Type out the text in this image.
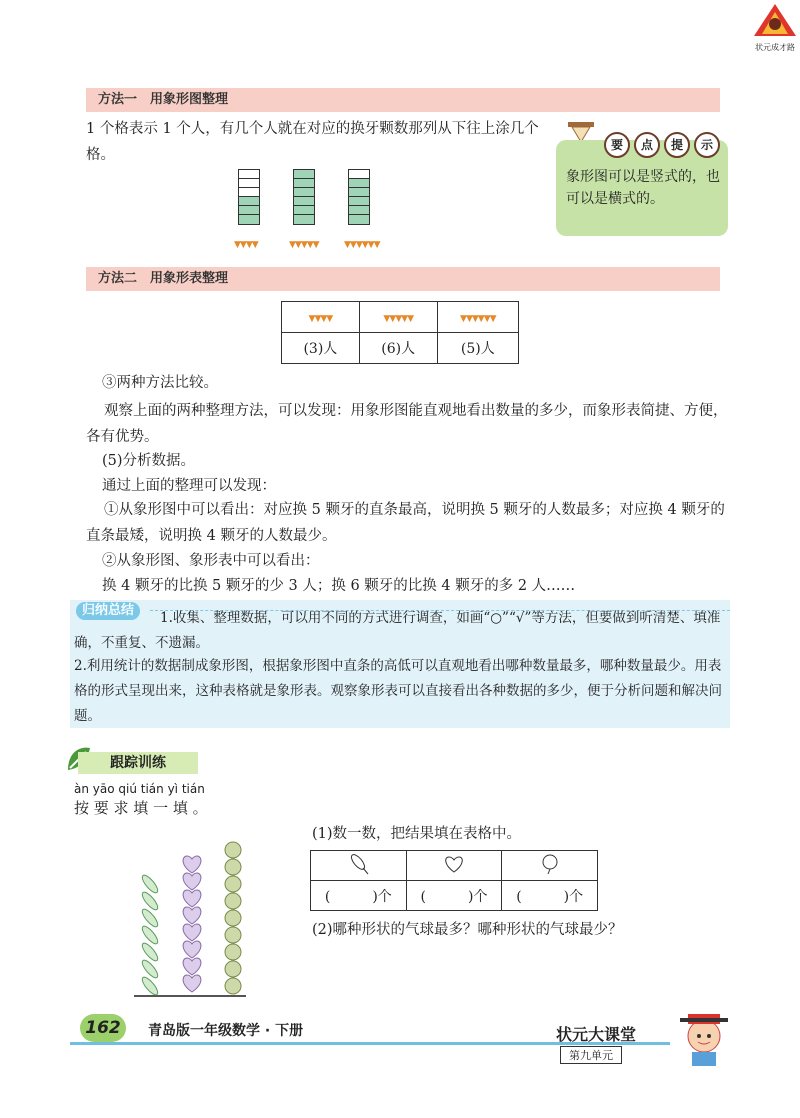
状元成才路
方法一　用象形图整理
1 个格表示 1 个人，有几个人就在对应的换牙颗数那列从下往上涂几个格。
▼▼▼▼	▼▼▼▼▼	▼▼▼▼▼▼
要 点 提 示
象形图可以是竖式的，也可以是横式的。
方法二　用象形表整理
▼▼▼▼	▼▼▼▼▼	▼▼▼▼▼▼
(3)人	(6)人	(5)人
③两种方法比较。
观察上面的两种整理方法，可以发现：用象形图能直观地看出数量的多少，而象形表简捷、方便，各有优势。
(5)分析数据。
通过上面的整理可以发现：
①从象形图中可以看出：对应换 5 颗牙的直条最高，说明换 5 颗牙的人数最多；对应换 4 颗牙的直条最矮，说明换 4 颗牙的人数最少。
②从象形图、象形表中可以看出：
换 4 颗牙的比换 5 颗牙的少 3 人；换 6 颗牙的比换 4 颗牙的多 2 人……
归纳总结	1.收集、整理数据，可以用不同的方式进行调查，如画“○”“√”等方法，但要做到听清楚、填准确，不重复、不遗漏。
2.利用统计的数据制成象形图，根据象形图中直条的高低可以直观地看出哪种数量最多，哪种数量最少。用表格的形式呈现出来，这种表格就是象形表。观察象形表可以直接看出各种数据的多少，便于分析问题和解决问题。
跟踪训练
àn yāo qiú tián yì tián
按 要 求 填 一 填 。
(1)数一数，把结果填在表格中。

(　　　)个	(　　　)个	(　　　)个
(2)哪种形状的气球最多？哪种形状的气球最少？
162	青岛版一年级数学 · 下册	状元大课堂
第九单元
